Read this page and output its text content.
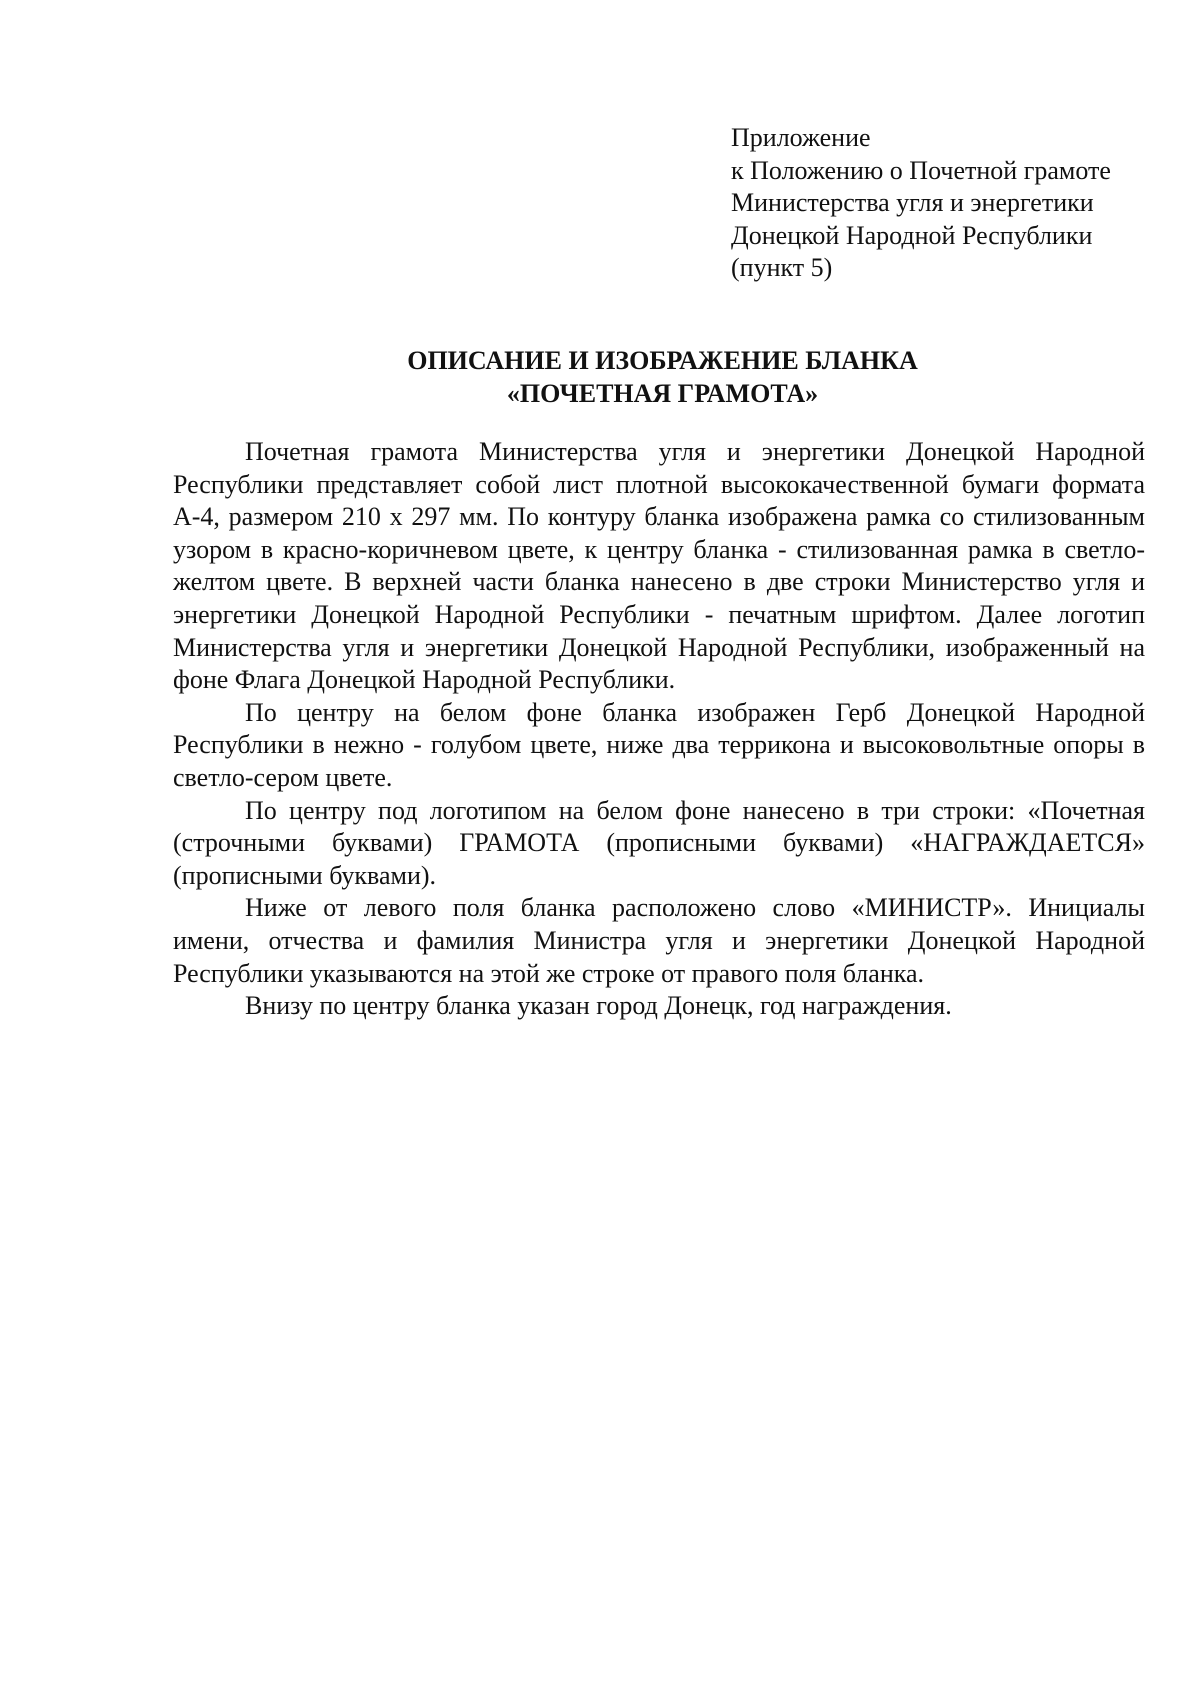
Приложение
к Положению о Почетной грамоте
Министерства угля и энергетики
Донецкой Народной Республики
(пункт 5)
ОПИСАНИЕ И ИЗОБРАЖЕНИЕ БЛАНКА
«ПОЧЕТНАЯ ГРАМОТА»

Почетная грамота Министерства угля и энергетики Донецкой Народной Республики представляет собой лист плотной высококачественной бумаги формата А-4, размером 210 х 297 мм. По контуру бланка изображена рамка со стилизованным узором в красно-коричневом цвете, к центру бланка - стилизованная рамка в светло-желтом цвете. В верхней части бланка нанесено в две строки Министерство угля и энергетики Донецкой Народной Республики - печатным шрифтом. Далее логотип Министерства угля и энергетики Донецкой Народной Республики, изображенный на фоне Флага Донецкой Народной Республики.

По центру на белом фоне бланка изображен Герб Донецкой Народной Республики в нежно - голубом цвете, ниже два террикона и высоковольтные опоры в светло-сером цвете.

По центру под логотипом на белом фоне нанесено в три строки: «Почетная (строчными буквами) ГРАМОТА (прописными буквами) «НАГРАЖДАЕТСЯ» (прописными буквами).

Ниже от левого поля бланка расположено слово «МИНИСТР». Инициалы имени, отчества и фамилия Министра угля и энергетики Донецкой Народной Республики указываются на этой же строке от правого поля бланка.

Внизу по центру бланка указан город Донецк, год награждения.
